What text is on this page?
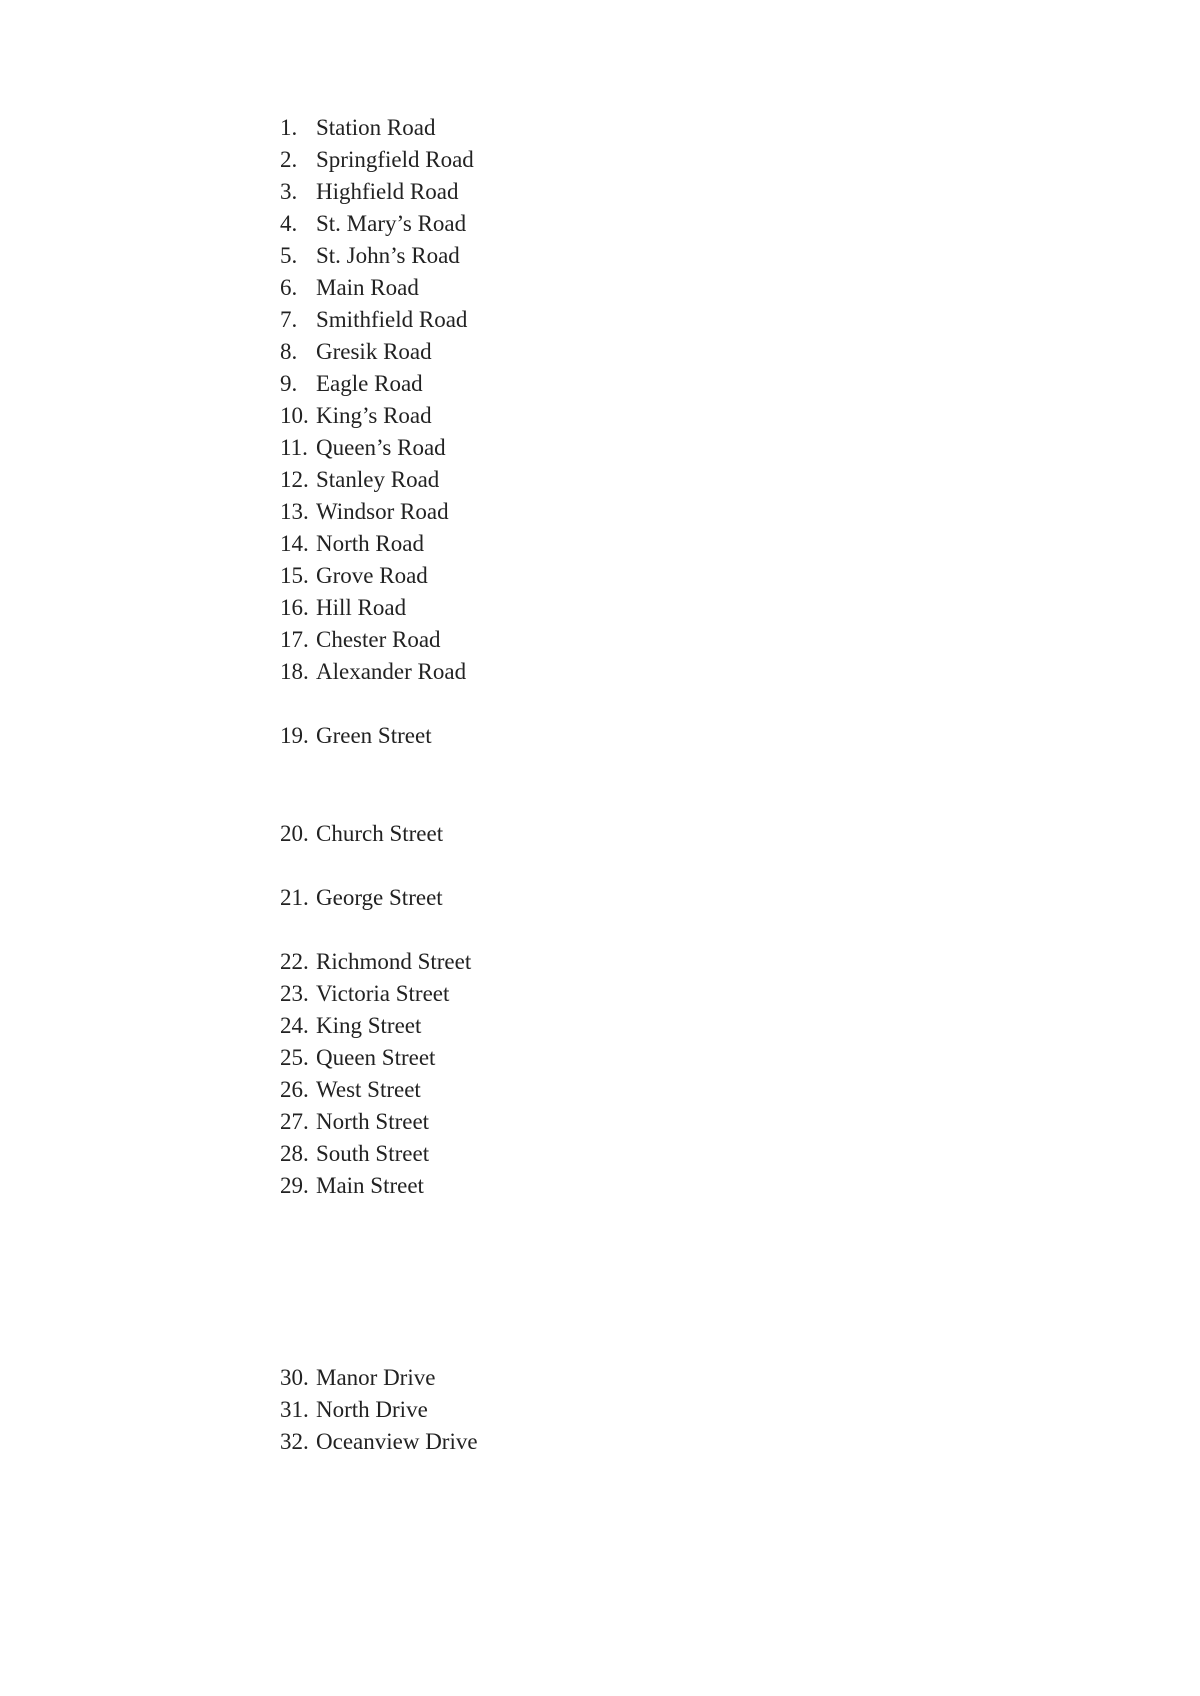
1. Station Road
2. Springfield Road
3. Highfield Road
4. St. Mary’s Road
5. St. John’s Road
6. Main Road
7. Smithfield Road
8. Gresik Road
9. Eagle Road
10. King’s Road
11. Queen’s Road
12. Stanley Road
13. Windsor Road
14. North Road
15. Grove Road
16. Hill Road
17. Chester Road
18. Alexander Road
19. Green Street
20. Church Street
21. George Street
22. Richmond Street
23. Victoria Street
24. King Street
25. Queen Street
26. West Street
27. North Street
28. South Street
29. Main Street
30. Manor Drive
31. North Drive
32. Oceanview Drive
